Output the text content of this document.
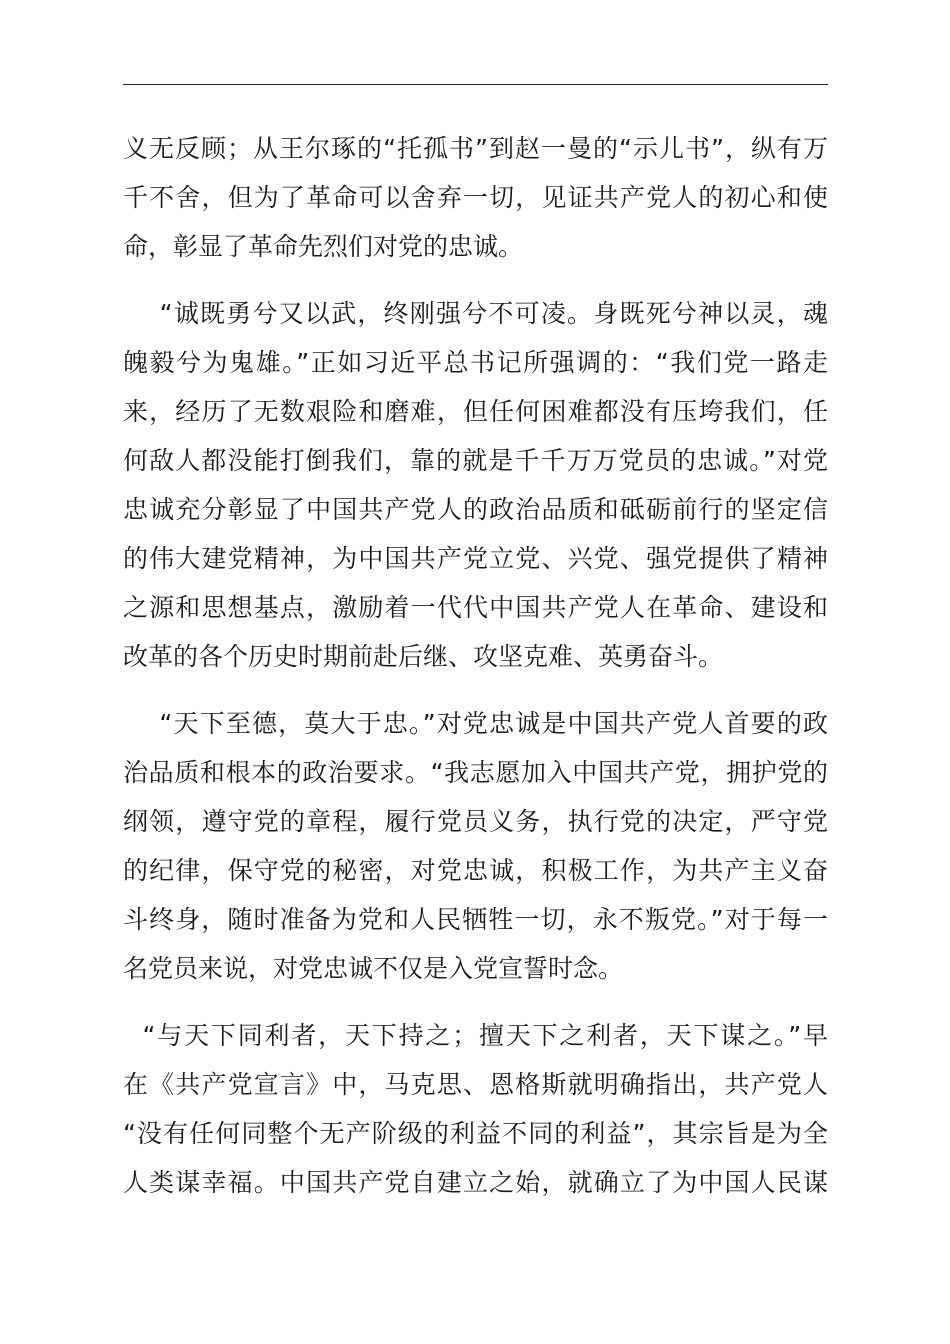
义无反顾；从王尔琢的“托孤书”到赵一曼的“示儿书”，纵有万
千不舍，但为了革命可以舍弃一切，见证共产党人的初心和使
命，彰显了革命先烈们对党的忠诚。
“诚既勇兮又以武，终刚强兮不可凌。身既死兮神以灵，魂
魄毅兮为鬼雄。”正如习近平总书记所强调的：“我们党一路走
来，经历了无数艰险和磨难，但任何困难都没有压垮我们，任
何敌人都没能打倒我们，靠的就是千千万万党员的忠诚。”对党
忠诚充分彰显了中国共产党人的政治品质和砥砺前行的坚定信
的伟大建党精神，为中国共产党立党、兴党、强党提供了精神
之源和思想基点，激励着一代代中国共产党人在革命、建设和
改革的各个历史时期前赴后继、攻坚克难、英勇奋斗。
“天下至德，莫大于忠。”对党忠诚是中国共产党人首要的政
治品质和根本的政治要求。“我志愿加入中国共产党，拥护党的
纲领，遵守党的章程，履行党员义务，执行党的决定，严守党
的纪律，保守党的秘密，对党忠诚，积极工作，为共产主义奋
斗终身，随时准备为党和人民牺牲一切，永不叛党。”对于每一
名党员来说，对党忠诚不仅是入党宣誓时念。
“与天下同利者，天下持之；擅天下之利者，天下谋之。”早
在《共产党宣言》中，马克思、恩格斯就明确指出，共产党人
“没有任何同整个无产阶级的利益不同的利益”，其宗旨是为全
人类谋幸福。中国共产党自建立之始，就确立了为中国人民谋
